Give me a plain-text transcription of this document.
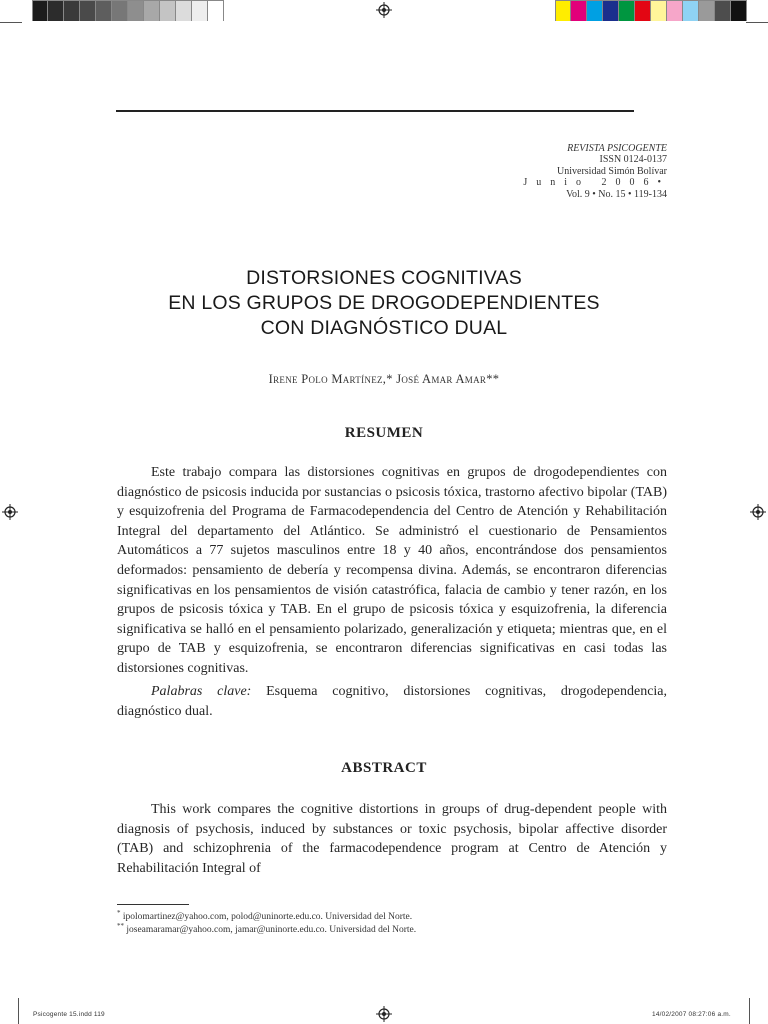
REVISTA PSICOGENTE
ISSN 0124-0137
Universidad Simón Bolívar
Junio 2006•
Vol. 9 • No. 15 • 119-134
DISTORSIONES COGNITIVAS
EN LOS GRUPOS DE DROGODEPENDIENTES
CON DIAGNÓSTICO DUAL
Irene Polo Martínez,* José Amar Amar**
RESUMEN

Este trabajo compara las distorsiones cognitivas en grupos de drogodependientes con diagnóstico de psicosis inducida por sustancias o psicosis tóxica, trastorno afectivo bipolar (TAB) y esquizofrenia del Programa de Farmacodependencia del Centro de Atención y Rehabilitación Integral del departamento del Atlántico. Se administró el cuestionario de Pensamientos Automáticos a 77 sujetos masculinos entre 18 y 40 años, encontrándose dos pensamientos deformados: pensamiento de debería y recompensa divina. Además, se encontraron diferencias significativas en los pensamientos de visión catastrófica, falacia de cambio y tener razón, en los grupos de psicosis tóxica y TAB. En el grupo de psicosis tóxica y esquizofrenia, la diferencia significativa se halló en el pensamiento polarizado, generalización y etiqueta; mientras que, en el grupo de TAB y esquizofrenia, se encontraron diferencias significativas en casi todas las distorsiones cognitivas.

Palabras clave: Esquema cognitivo, distorsiones cognitivas, drogodependencia, diagnóstico dual.

ABSTRACT

This work compares the cognitive distortions in groups of drug-dependent people with diagnosis of psychosis, induced by substances or toxic psychosis, bipolar affective disorder (TAB) and schizophrenia of the farmacodependence program at Centro de Atención y Rehabilitación Integral of

* ipolomartinez@yahoo.com, polod@uninorte.edu.co. Universidad del Norte.
** joseamaramar@yahoo.com, jamar@uninorte.edu.co. Universidad del Norte.
Psicogente 15.indd 119	14/02/2007 08:27:06 a.m.
